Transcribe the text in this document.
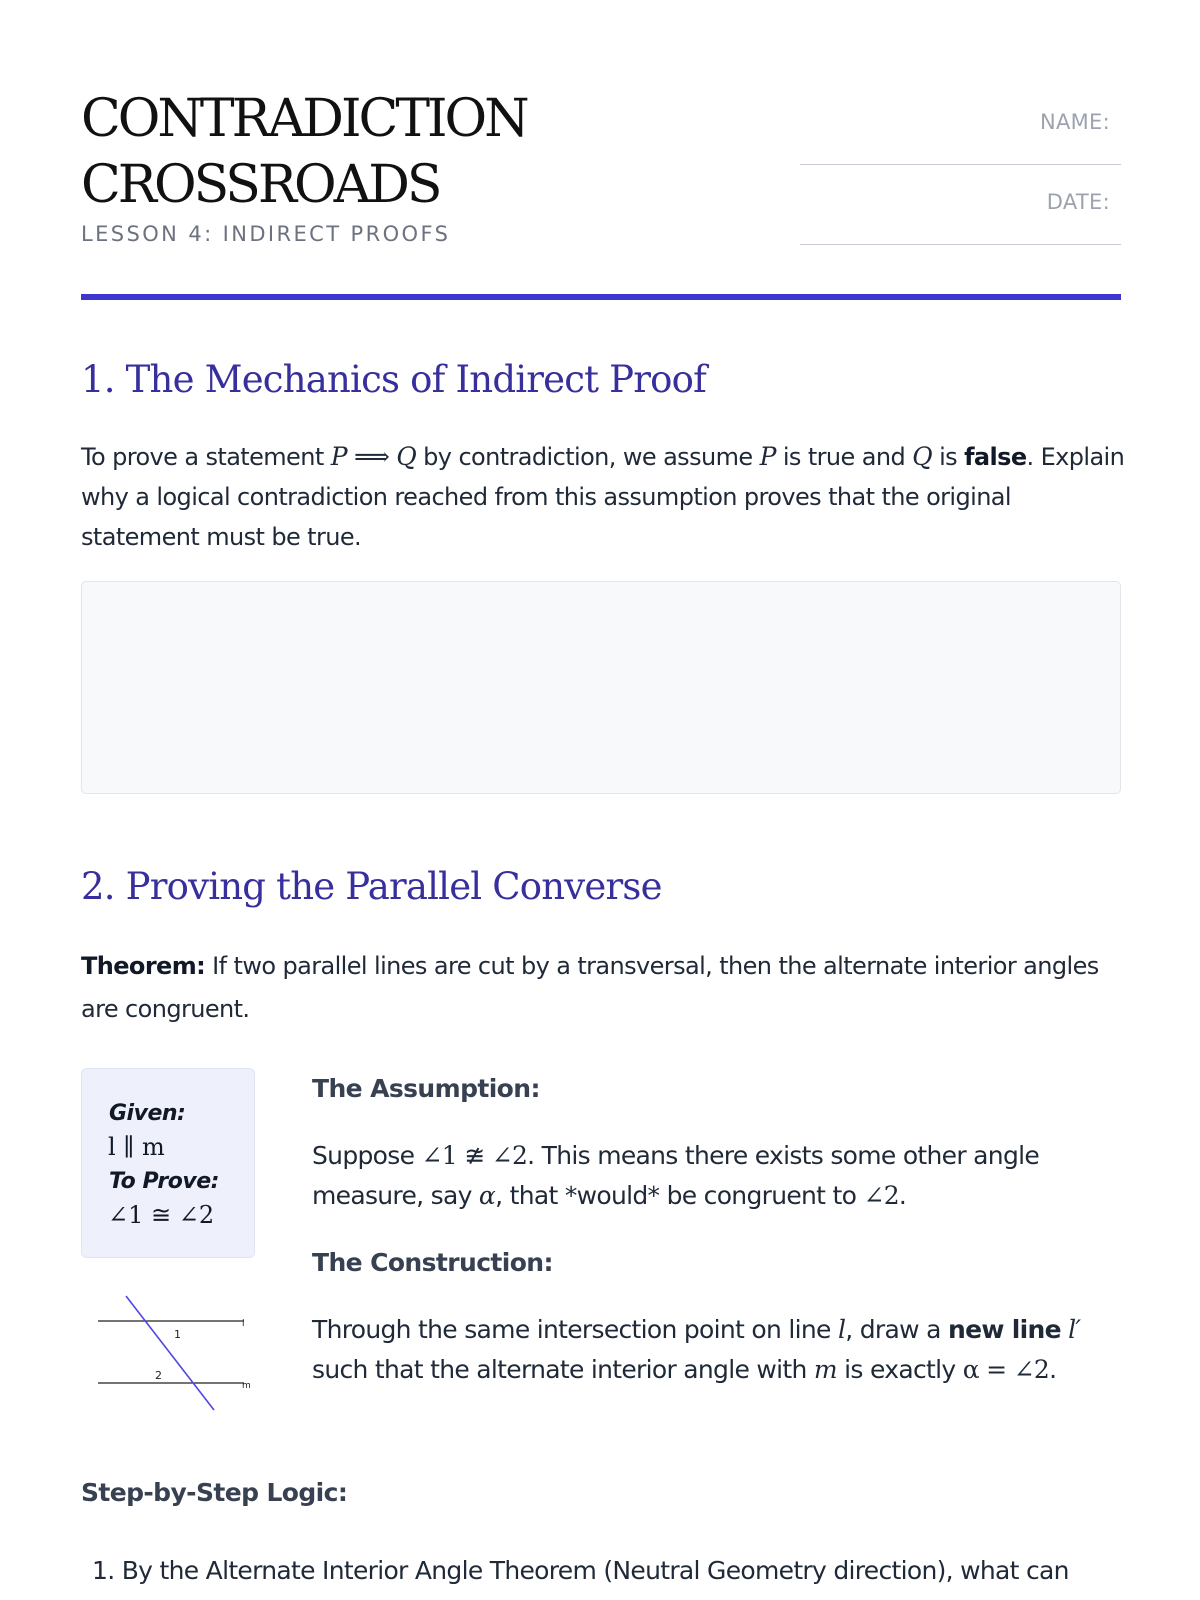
CONTRADICTION
CROSSROADS
LESSON 4: INDIRECT PROOFS
NAME:
DATE:
1. The Mechanics of Indirect Proof
To prove a statement P ⟹ Q by contradiction, we assume P is true and Q is false. Explain why a logical contradiction reached from this assumption proves that the original statement must be true.
2. Proving the Parallel Converse
Theorem: If two parallel lines are cut by a transversal, then the alternate interior angles are congruent.
Given:
l ∥ m
To Prove:
∠1 ≅ ∠2
1
2
l
m
The Assumption:
Suppose ∠1 ≇ ∠2. This means there exists some other angle measure, say α, that *would* be congruent to ∠2.
The Construction:
Through the same intersection point on line l, draw a new line l′ such that the alternate interior angle with m is exactly α = ∠2.
Step-by-Step Logic:
1. By the Alternate Interior Angle Theorem (Neutral Geometry direction), what can
